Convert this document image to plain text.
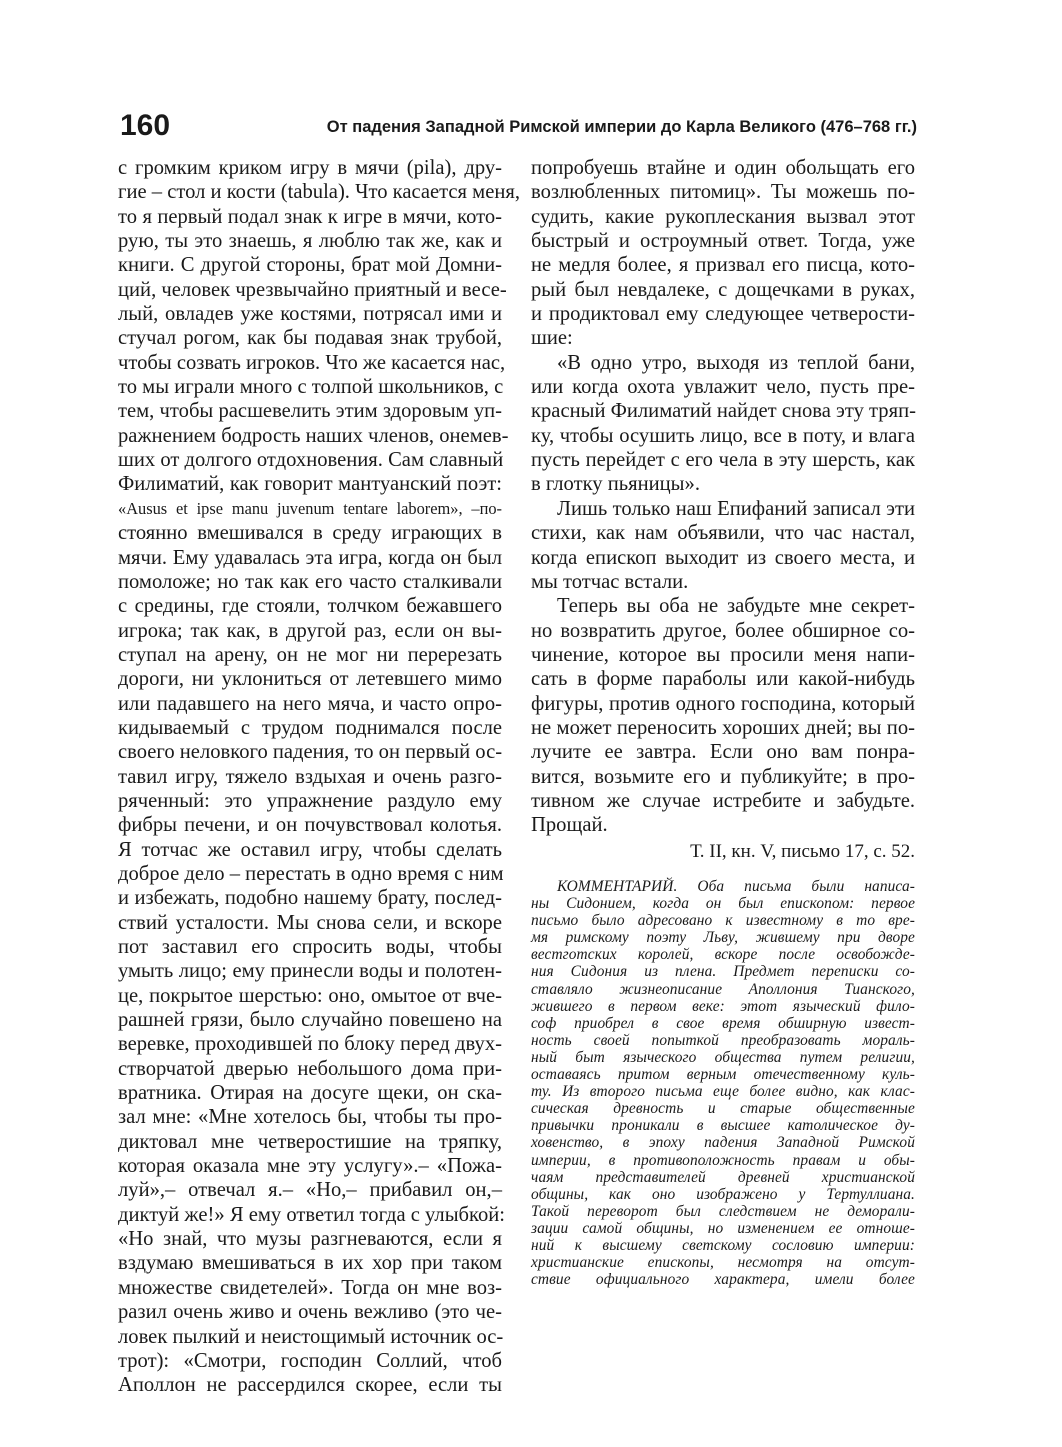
160	От падения Западной Римской империи до Карла Великого (476–768 гг.)
с громким криком игру в мячи (pila), дру-
гие – стол и кости (tabula). Что касается меня,
то я первый подал знак к игре в мячи, кото-
рую, ты это знаешь, я люблю так же, как и
книги. С другой стороны, брат мой Домни-
ций, человек чрезвычайно приятный и весе-
лый, овладев уже костями, потрясал ими и
стучал рогом, как бы подавая знак трубой,
чтобы созвать игроков. Что же касается нас,
то мы играли много с толпой школьников, с
тем, чтобы расшевелить этим здоровым уп-
ражнением бодрость наших членов, онемев-
ших от долгого отдохновения. Сам славный
Филиматий, как говорит мантуанский поэт:
«Ausus et ipse manu juvenum tentare laborem», –по-
стоянно вмешивался в среду играющих в
мячи. Ему удавалась эта игра, когда он был
помоложе; но так как его часто сталкивали
с средины, где стояли, толчком бежавшего
игрока; так как, в другой раз, если он вы-
ступал на арену, он не мог ни перерезать
дороги, ни уклониться от летевшего мимо
или падавшего на него мяча, и часто опро-
кидываемый с трудом поднимался после
своего неловкого падения, то он первый ос-
тавил игру, тяжело вздыхая и очень разго-
ряченный: это упражнение раздуло ему
фибры печени, и он почувствовал колотья.
Я тотчас же оставил игру, чтобы сделать
доброе дело – перестать в одно время с ним
и избежать, подобно нашему брату, послед-
ствий усталости. Мы снова сели, и вскоре
пот заставил его спросить воды, чтобы
умыть лицо; ему принесли воды и полотен-
це, покрытое шерстью: оно, омытое от вче-
рашней грязи, было случайно повешено на
веревке, проходившей по блоку перед двух-
створчатой дверью небольшого дома при-
вратника. Отирая на досуге щеки, он ска-
зал мне: «Мне хотелось бы, чтобы ты про-
диктовал мне четверостишие на тряпку,
которая оказала мне эту услугу».– «Пожа-
луй»,– отвечал я.– «Но,– прибавил он,–
диктуй же!» Я ему ответил тогда с улыбкой:
«Но знай, что музы разгневаются, если я
вздумаю вмешиваться в их хор при таком
множестве свидетелей». Тогда он мне воз-
разил очень живо и очень вежливо (это че-
ловек пылкий и неистощимый источник ос-
трот): «Смотри, господин Соллий, чтоб
Аполлон не рассердился скорее, если ты
попробуешь втайне и один обольщать его
возлюбленных питомиц». Ты можешь по-
судить, какие рукоплескания вызвал этот
быстрый и остроумный ответ. Тогда, уже
не медля более, я призвал его писца, кото-
рый был невдалеке, с дощечками в руках,
и продиктовал ему следующее четверости-
шие:
«В одно утро, выходя из теплой бани,
или когда охота увлажит чело, пусть пре-
красный Филиматий найдет снова эту тряп-
ку, чтобы осушить лицо, все в поту, и влага
пусть перейдет с его чела в эту шерсть, как
в глотку пьяницы».
Лишь только наш Епифаний записал эти
стихи, как нам объявили, что час настал,
когда епископ выходит из своего места, и
мы тотчас встали.
Теперь вы оба не забудьте мне секрет-
но возвратить другое, более обширное со-
чинение, которое вы просили меня напи-
сать в форме параболы или какой-нибудь
фигуры, против одного господина, который
не может переносить хороших дней; вы по-
лучите ее завтра. Если оно вам понра-
вится, возьмите его и публикуйте; в про-
тивном же случае истребите и забудьте.
Прощай.
Т. II, кн. V, письмо 17, с. 52.
КОММЕНТАРИЙ. Оба письма были написа-
ны Сидонием, когда он был епископом: первое
письмо было адресовано к известному в то вре-
мя римскому поэту Льву, жившему при дворе
вестготских королей, вскоре после освобожде-
ния Сидония из плена. Предмет переписки со-
ставляло жизнеописание Аполлония Тианского,
жившего в первом веке: этот языческий фило-
соф приобрел в свое время обширную извест-
ность своей попыткой преобразовать мораль-
ный быт языческого общества путем религии,
оставаясь притом верным отечественному куль-
ту. Из второго письма еще более видно, как клас-
сическая древность и старые общественные
привычки проникали в высшее католическое ду-
ховенство, в эпоху падения Западной Римской
империи, в противоположность правам и обы-
чаям представителей древней христианской
общины, как оно изображено у Тертуллиана.
Такой переворот был следствием не деморали-
зации самой общины, но изменением ее отноше-
ний к высшему светскому сословию империи:
христианские епископы, несмотря на отсут-
ствие официального характера, имели более
